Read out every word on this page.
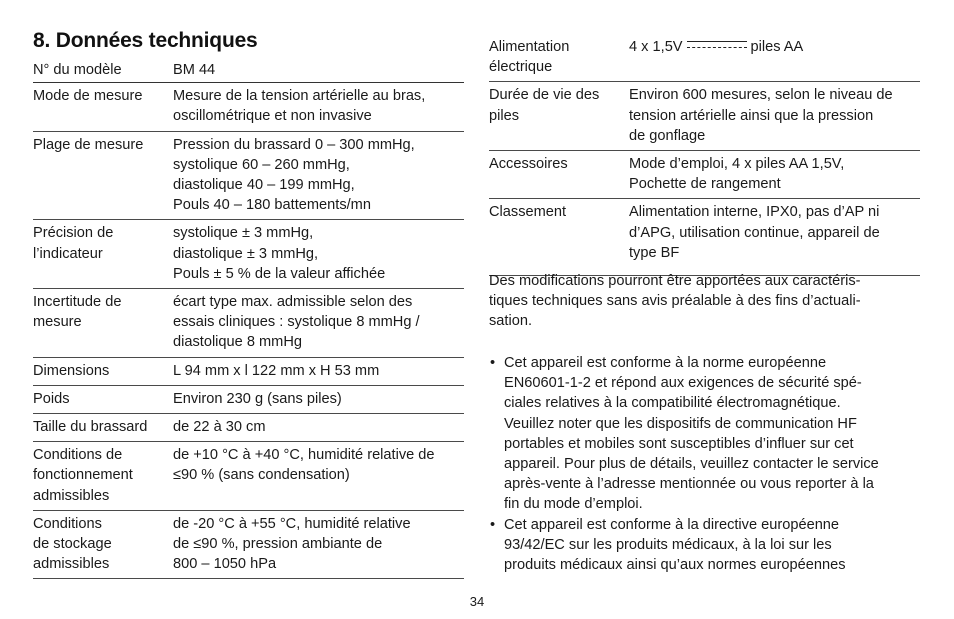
8. Données techniques
N° du modèle	BM 44
Mode de mesure	Mesure de la tension artérielle au bras,
oscillométrique et non invasive
Plage de mesure	Pression du brassard 0 – 300 mmHg,
systolique 60 – 260 mmHg,
diastolique 40 – 199 mmHg,
Pouls 40 – 180 battements/mn
Précision de
l’indicateur	systolique ± 3 mmHg,
diastolique ± 3 mmHg,
Pouls ± 5 % de la valeur affichée
Incertitude de
mesure	écart type max. admissible selon des
essais cliniques : systolique 8 mmHg /
diastolique 8 mmHg
Dimensions	L 94 mm x l 122 mm x H 53 mm
Poids	Environ 230 g (sans piles)
Taille du brassard	de 22 à 30 cm
Conditions de
fonctionnement
admissibles	de +10 °C à +40 °C, humidité relative de
≤90 % (sans condensation)
Conditions
de stockage
admissibles	de -20 °C à +55 °C, humidité relative
de ≤90 %, pression ambiante de
800 – 1050 hPa
Alimentation
électrique	4 x 1,5V piles AA
Durée de vie des
piles	Environ 600 mesures, selon le niveau de
tension artérielle ainsi que la pression
de gonflage
Accessoires	Mode d’emploi, 4 x piles AA 1,5V,
Pochette de rangement
Classement	Alimentation interne, IPX0, pas d’AP ni
d’APG, utilisation continue, appareil de
type BF

Des modifications pourront être apportées aux caractéris-
tiques techniques sans avis préalable à des fins d’actuali-
sation.

• Cet appareil est conforme à la norme européenne
EN60601-1-2 et répond aux exigences de sécurité spé-
ciales relatives à la compatibilité électromagnétique.
Veuillez noter que les dispositifs de communication HF
portables et mobiles sont susceptibles d’influer sur cet
appareil. Pour plus de détails, veuillez contacter le service
après-vente à l’adresse mentionnée ou vous reporter à la
fin du mode d’emploi.
• Cet appareil est conforme à la directive européenne
93/42/EC sur les produits médicaux, à la loi sur les
produits médicaux ainsi qu’aux normes européennes
34
